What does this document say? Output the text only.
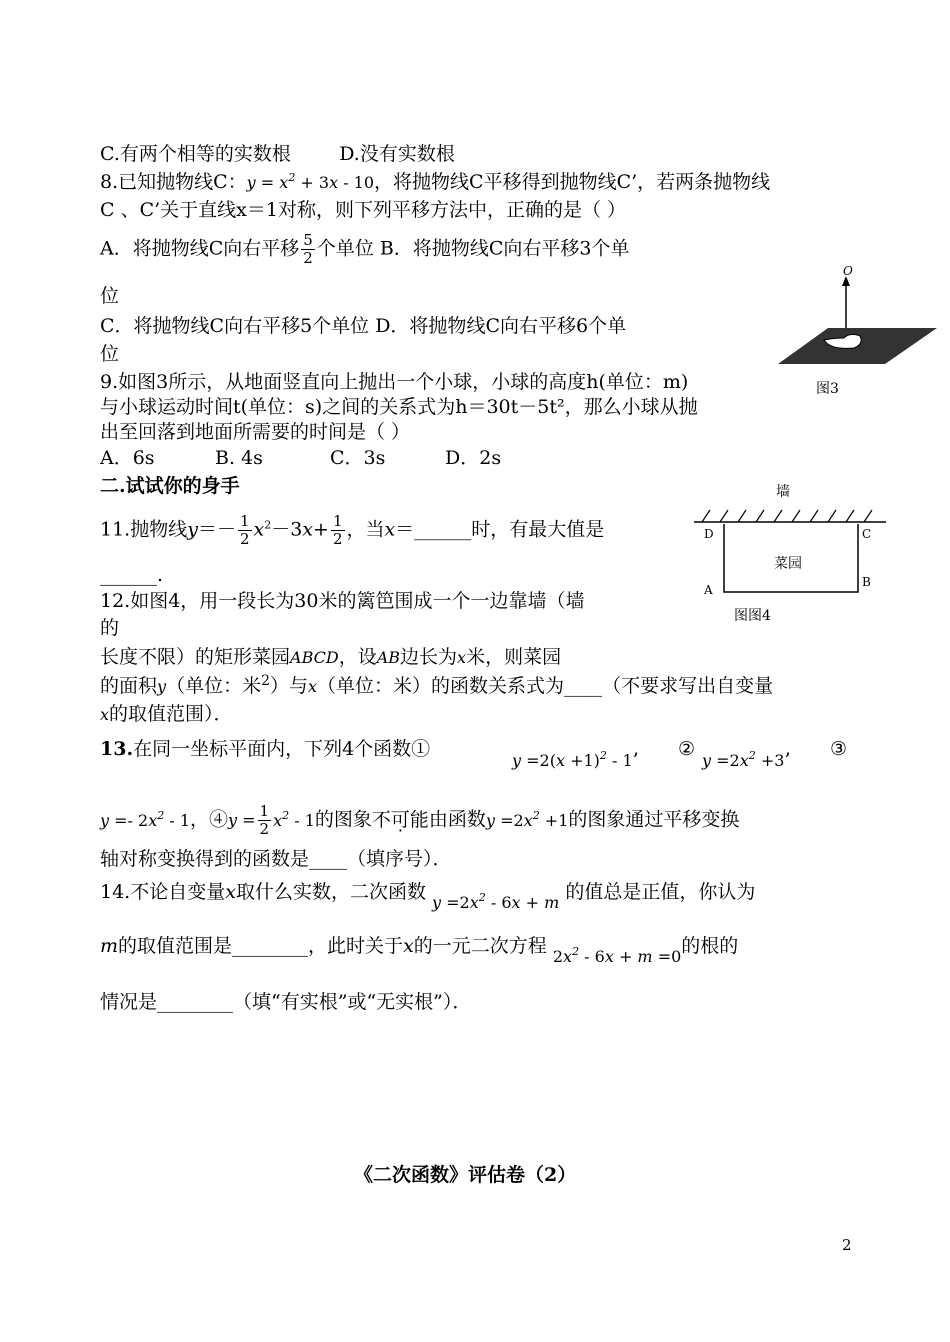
C.有两个相等的实数根        D.没有实数根
8.已知抛物线C：$y = x^2 + 3x - 10$，将抛物线C平移得到抛物线C’，若两条抛物线
C 、C’关于直线x＝1对称，则下列平移方法中，正确的是（ ）
A．将抛物线C向右平移 $\frac{5}{2}$ 个单位 B．将抛物线C向右平移3个单
位
C．将抛物线C向右平移5个单位 D．将抛物线C向右平移6个单
位
9.如图3所示，从地面竖直向上抛出一个小球，小球的高度h(单位：m)
与小球运动时间t(单位：s)之间的关系式为h＝30t－5t²，那么小球从抛
出至回落到地面所需要的时间是（ ）
A．6s	B. 4s	C．3s	D．2s
二.试试你的身手
11.抛物线$y=- \frac{1}{2} x^2-3x+ \frac{1}{2}$ ，当x＝______时，有最大值是
______.
12.如图4，用一段长为30米的篱笆围成一个一边靠墙（墙
的
长度不限）的矩形菜园ABCD，设AB边长为x米，则菜园
的面积y（单位：米$^2$）与x（单位：米）的函数关系式为____（不要求写出自变量
x的取值范围）．
13.在同一坐标平面内，下列4个函数①
$y =2(x +1)^2 - 1$’ ②
$y =2x^2 +3$’ ③
$y =- 2x^2 - 1$，④y = $\frac{1}{2} x^2 - 1$的图象不可能由函数$y =2x^2 +1$的图象通过平移变换
轴对称变换得到的函数是____（填序号）．
14.不论自变量x取什么实数，二次函数 $_{y =2x^2 - 6x + m}$ 的值总是正值，你认为
m的取值范围是________，此时关于x的一元二次方程 $_{2x^2 - 6x + m =0}$的根的
情况是________（填“有实根”或“无实根”）．
《二次函数》评估卷（2）
2
O
图3
墙
菜园
D	C
A
B
图图4
